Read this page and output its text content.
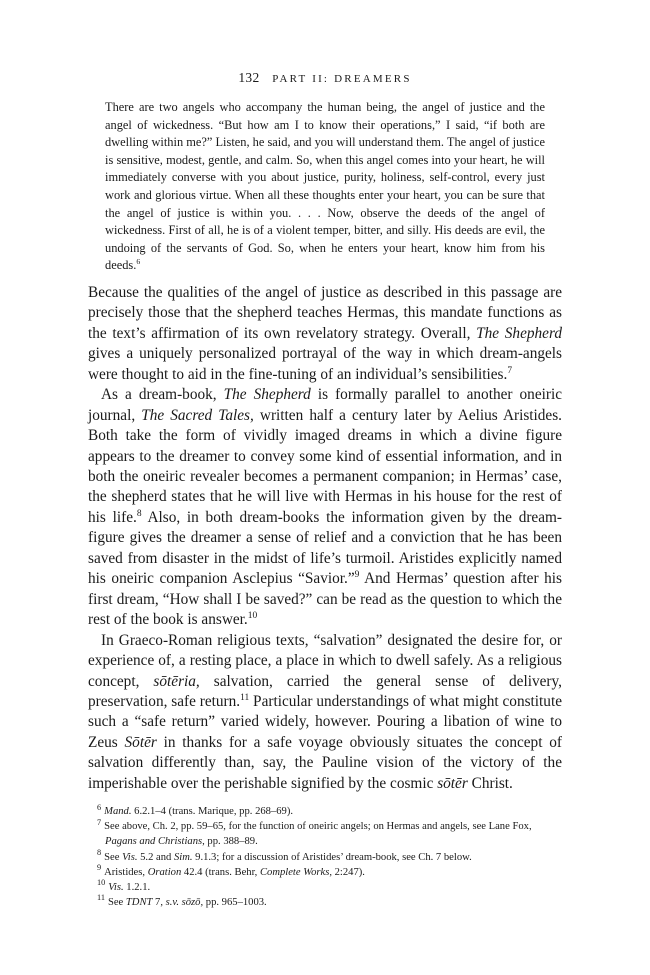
132 PART II: DREAMERS

There are two angels who accompany the human being, the angel of justice and the angel of wickedness. “But how am I to know their operations,” I said, “if both are dwelling within me?” Listen, he said, and you will understand them. The angel of justice is sensitive, modest, gentle, and calm. So, when this angel comes into your heart, he will immediately converse with you about justice, purity, holiness, self-control, every just work and glorious virtue. When all these thoughts enter your heart, you can be sure that the angel of justice is within you. . . . Now, observe the deeds of the angel of wickedness. First of all, he is of a violent temper, bitter, and silly. His deeds are evil, the undoing of the servants of God. So, when he enters your heart, know him from his deeds.$^6$

Because the qualities of the angel of justice as described in this passage are precisely those that the shepherd teaches Hermas, this mandate functions as the text’s affirmation of its own revelatory strategy. Overall, The Shepherd gives a uniquely personalized portrayal of the way in which dream-angels were thought to aid in the fine-tuning of an individual’s sensibilities.$^7$

As a dream-book, The Shepherd is formally parallel to another oneiric journal, The Sacred Tales, written half a century later by Aelius Aristides. Both take the form of vividly imaged dreams in which a divine figure appears to the dreamer to convey some kind of essential information, and in both the oneiric revealer becomes a permanent companion; in Hermas’ case, the shepherd states that he will live with Hermas in his house for the rest of his life.$^8$ Also, in both dream-books the information given by the dream-figure gives the dreamer a sense of relief and a conviction that he has been saved from disaster in the midst of life’s turmoil. Aristides explicitly named his oneiric companion Asclepius “Savior.”$^9$ And Hermas’ question after his first dream, “How shall I be saved?” can be read as the question to which the rest of the book is answer.$^{10}$

In Graeco-Roman religious texts, “salvation” designated the desire for, or experience of, a resting place, a place in which to dwell safely. As a religious concept, sōtēria, salvation, carried the general sense of delivery, preservation, safe return.$^{11}$ Particular understandings of what might constitute such a “safe return” varied widely, however. Pouring a libation of wine to Zeus Sōtēr in thanks for a safe voyage obviously situates the concept of salvation differently than, say, the Pauline vision of the victory of the imperishable over the perishable signified by the cosmic sōtēr Christ.

$^6$ Mand. 6.2.1–4 (trans. Marique, pp. 268–69).

$^7$ See above, Ch. 2, pp. 59–65, for the function of oneiric angels; on Hermas and angels, see Lane Fox, Pagans and Christians, pp. 388–89.

$^8$ See Vis. 5.2 and Sim. 9.1.3; for a discussion of Aristides’ dream-book, see Ch. 7 below.

$^9$ Aristides, Oration 42.4 (trans. Behr, Complete Works, 2:247).

$^{10}$ Vis. 1.2.1.

$^{11}$ See TDNT 7, s.v. sōzō, pp. 965–1003.
